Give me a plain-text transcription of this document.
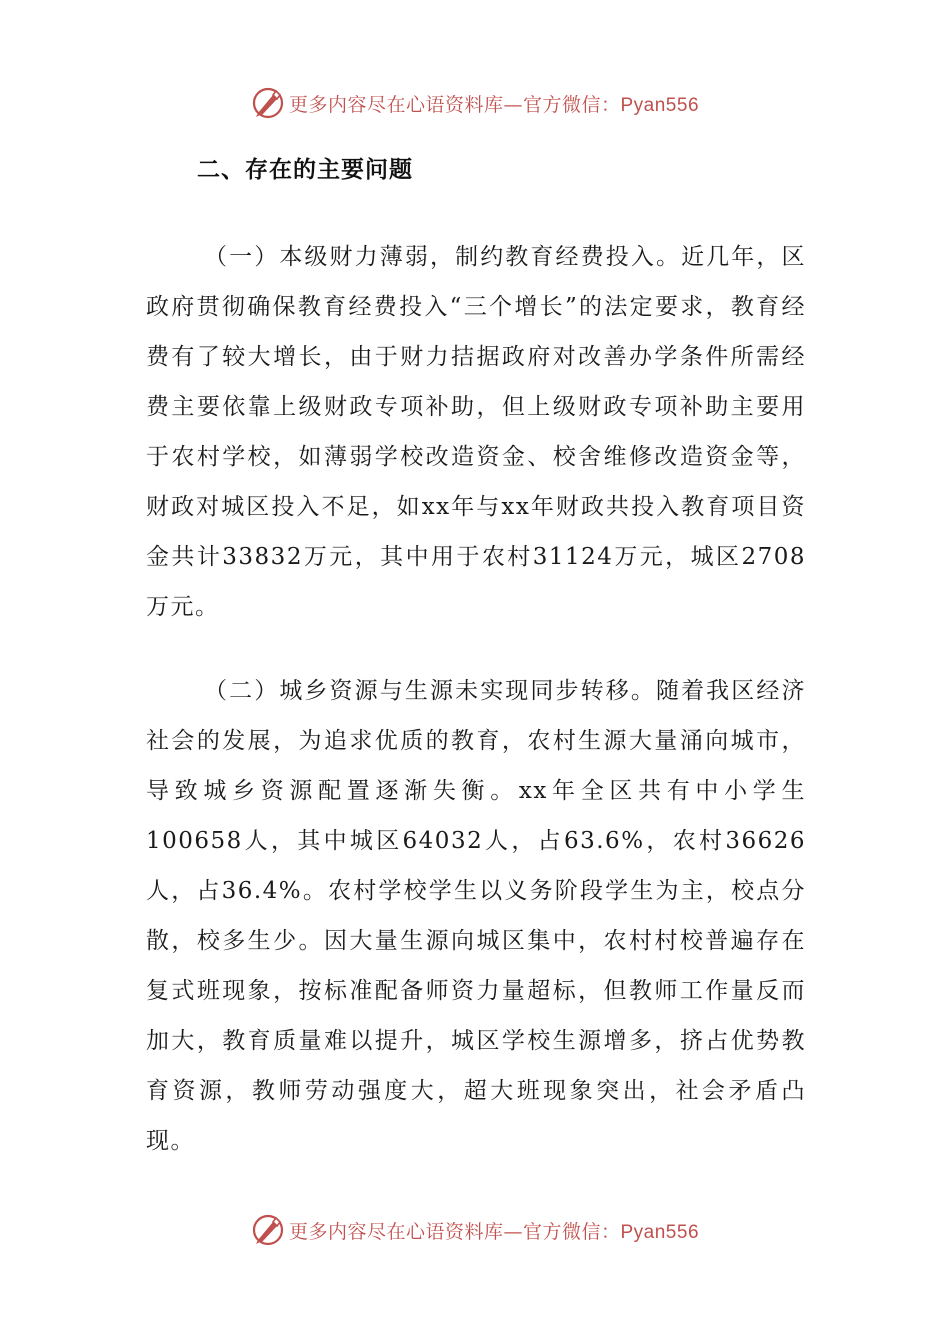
更多内容尽在心语资料库—官方微信：Pyan556
二、存在的主要问题

（一）本级财力薄弱，制约教育经费投入。近几年，区政府贯彻确保教育经费投入“三个增长”的法定要求，教育经费有了较大增长，由于财力拮据政府对改善办学条件所需经费主要依靠上级财政专项补助，但上级财政专项补助主要用于农村学校，如薄弱学校改造资金、校舍维修改造资金等，财政对城区投入不足，如xx年与xx年财政共投入教育项目资金共计33832万元，其中用于农村31124万元，城区2708万元。

（二）城乡资源与生源未实现同步转移。随着我区经济社会的发展，为追求优质的教育，农村生源大量涌向城市，导致城乡资源配置逐渐失衡。xx年全区共有中小学生100658人，其中城区64032人，占63.6%，农村36626人，占36.4%。农村学校学生以义务阶段学生为主，校点分散，校多生少。因大量生源向城区集中，农村村校普遍存在复式班现象，按标准配备师资力量超标，但教师工作量反而加大，教育质量难以提升，城区学校生源增多，挤占优势教育资源，教师劳动强度大，超大班现象突出，社会矛盾凸现。

更多内容尽在心语资料库—官方微信：Pyan556
